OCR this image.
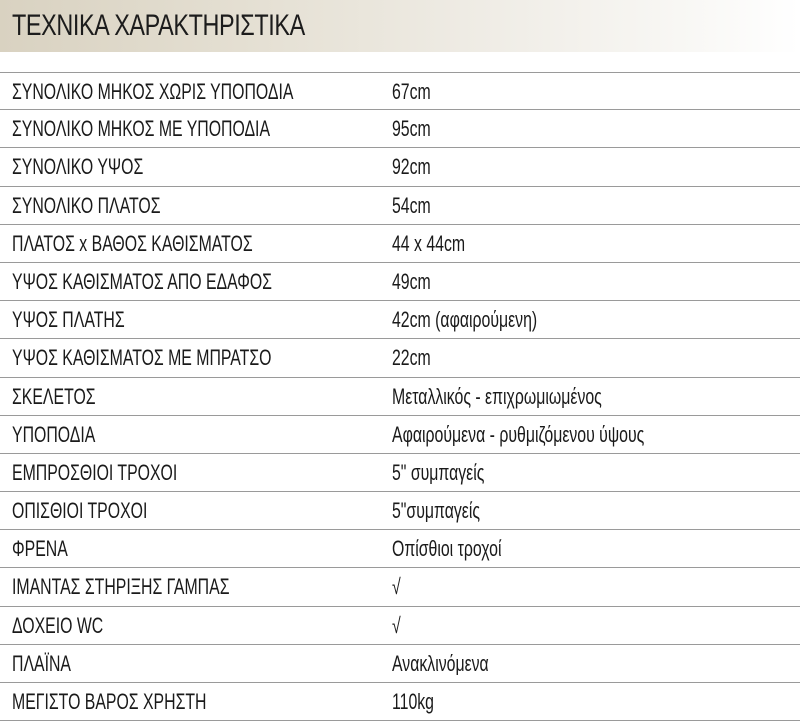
ΤΕΧΝΙΚΑ ΧΑΡΑΚΤΗΡΙΣΤΙΚΑ
ΣΥΝΟΛΙΚΟ ΜΗΚΟΣ ΧΩΡΙΣ ΥΠΟΠΟΔΙΑ	67cm
ΣΥΝΟΛΙΚΟ ΜΗΚΟΣ ΜΕ ΥΠΟΠΟΔΙΑ	95cm
ΣΥΝΟΛΙΚΟ ΥΨΟΣ	92cm
ΣΥΝΟΛΙΚΟ ΠΛΑΤΟΣ	54cm
ΠΛΑΤΟΣ x ΒΑΘΟΣ ΚΑΘΙΣΜΑΤΟΣ	44 x 44cm
ΥΨΟΣ ΚΑΘΙΣΜΑΤΟΣ ΑΠΟ ΕΔΑΦΟΣ	49cm
ΥΨΟΣ ΠΛΑΤΗΣ	42cm (αφαιρούμενη)
ΥΨΟΣ ΚΑΘΙΣΜΑΤΟΣ ΜΕ ΜΠΡΑΤΣΟ	22cm
ΣΚΕΛΕΤΟΣ	Μεταλλικός - επιχρωμιωμένος
ΥΠΟΠΟΔΙΑ	Αφαιρούμενα - ρυθμιζόμενου ύψους
ΕΜΠΡΟΣΘΙΟΙ ΤΡΟΧΟΙ	5" συμπαγείς
ΟΠΙΣΘΙΟΙ ΤΡΟΧΟΙ	5"συμπαγείς
ΦΡΕΝΑ	Οπίσθιοι τροχοί
ΙΜΑΝΤΑΣ ΣΤΗΡΙΞΗΣ ΓΑΜΠΑΣ	√
ΔΟΧΕΙΟ WC	√
ΠΛΑΪΝΑ	Ανακλινόμενα
ΜΕΓΙΣΤΟ ΒΑΡΟΣ ΧΡΗΣΤΗ	110kg
